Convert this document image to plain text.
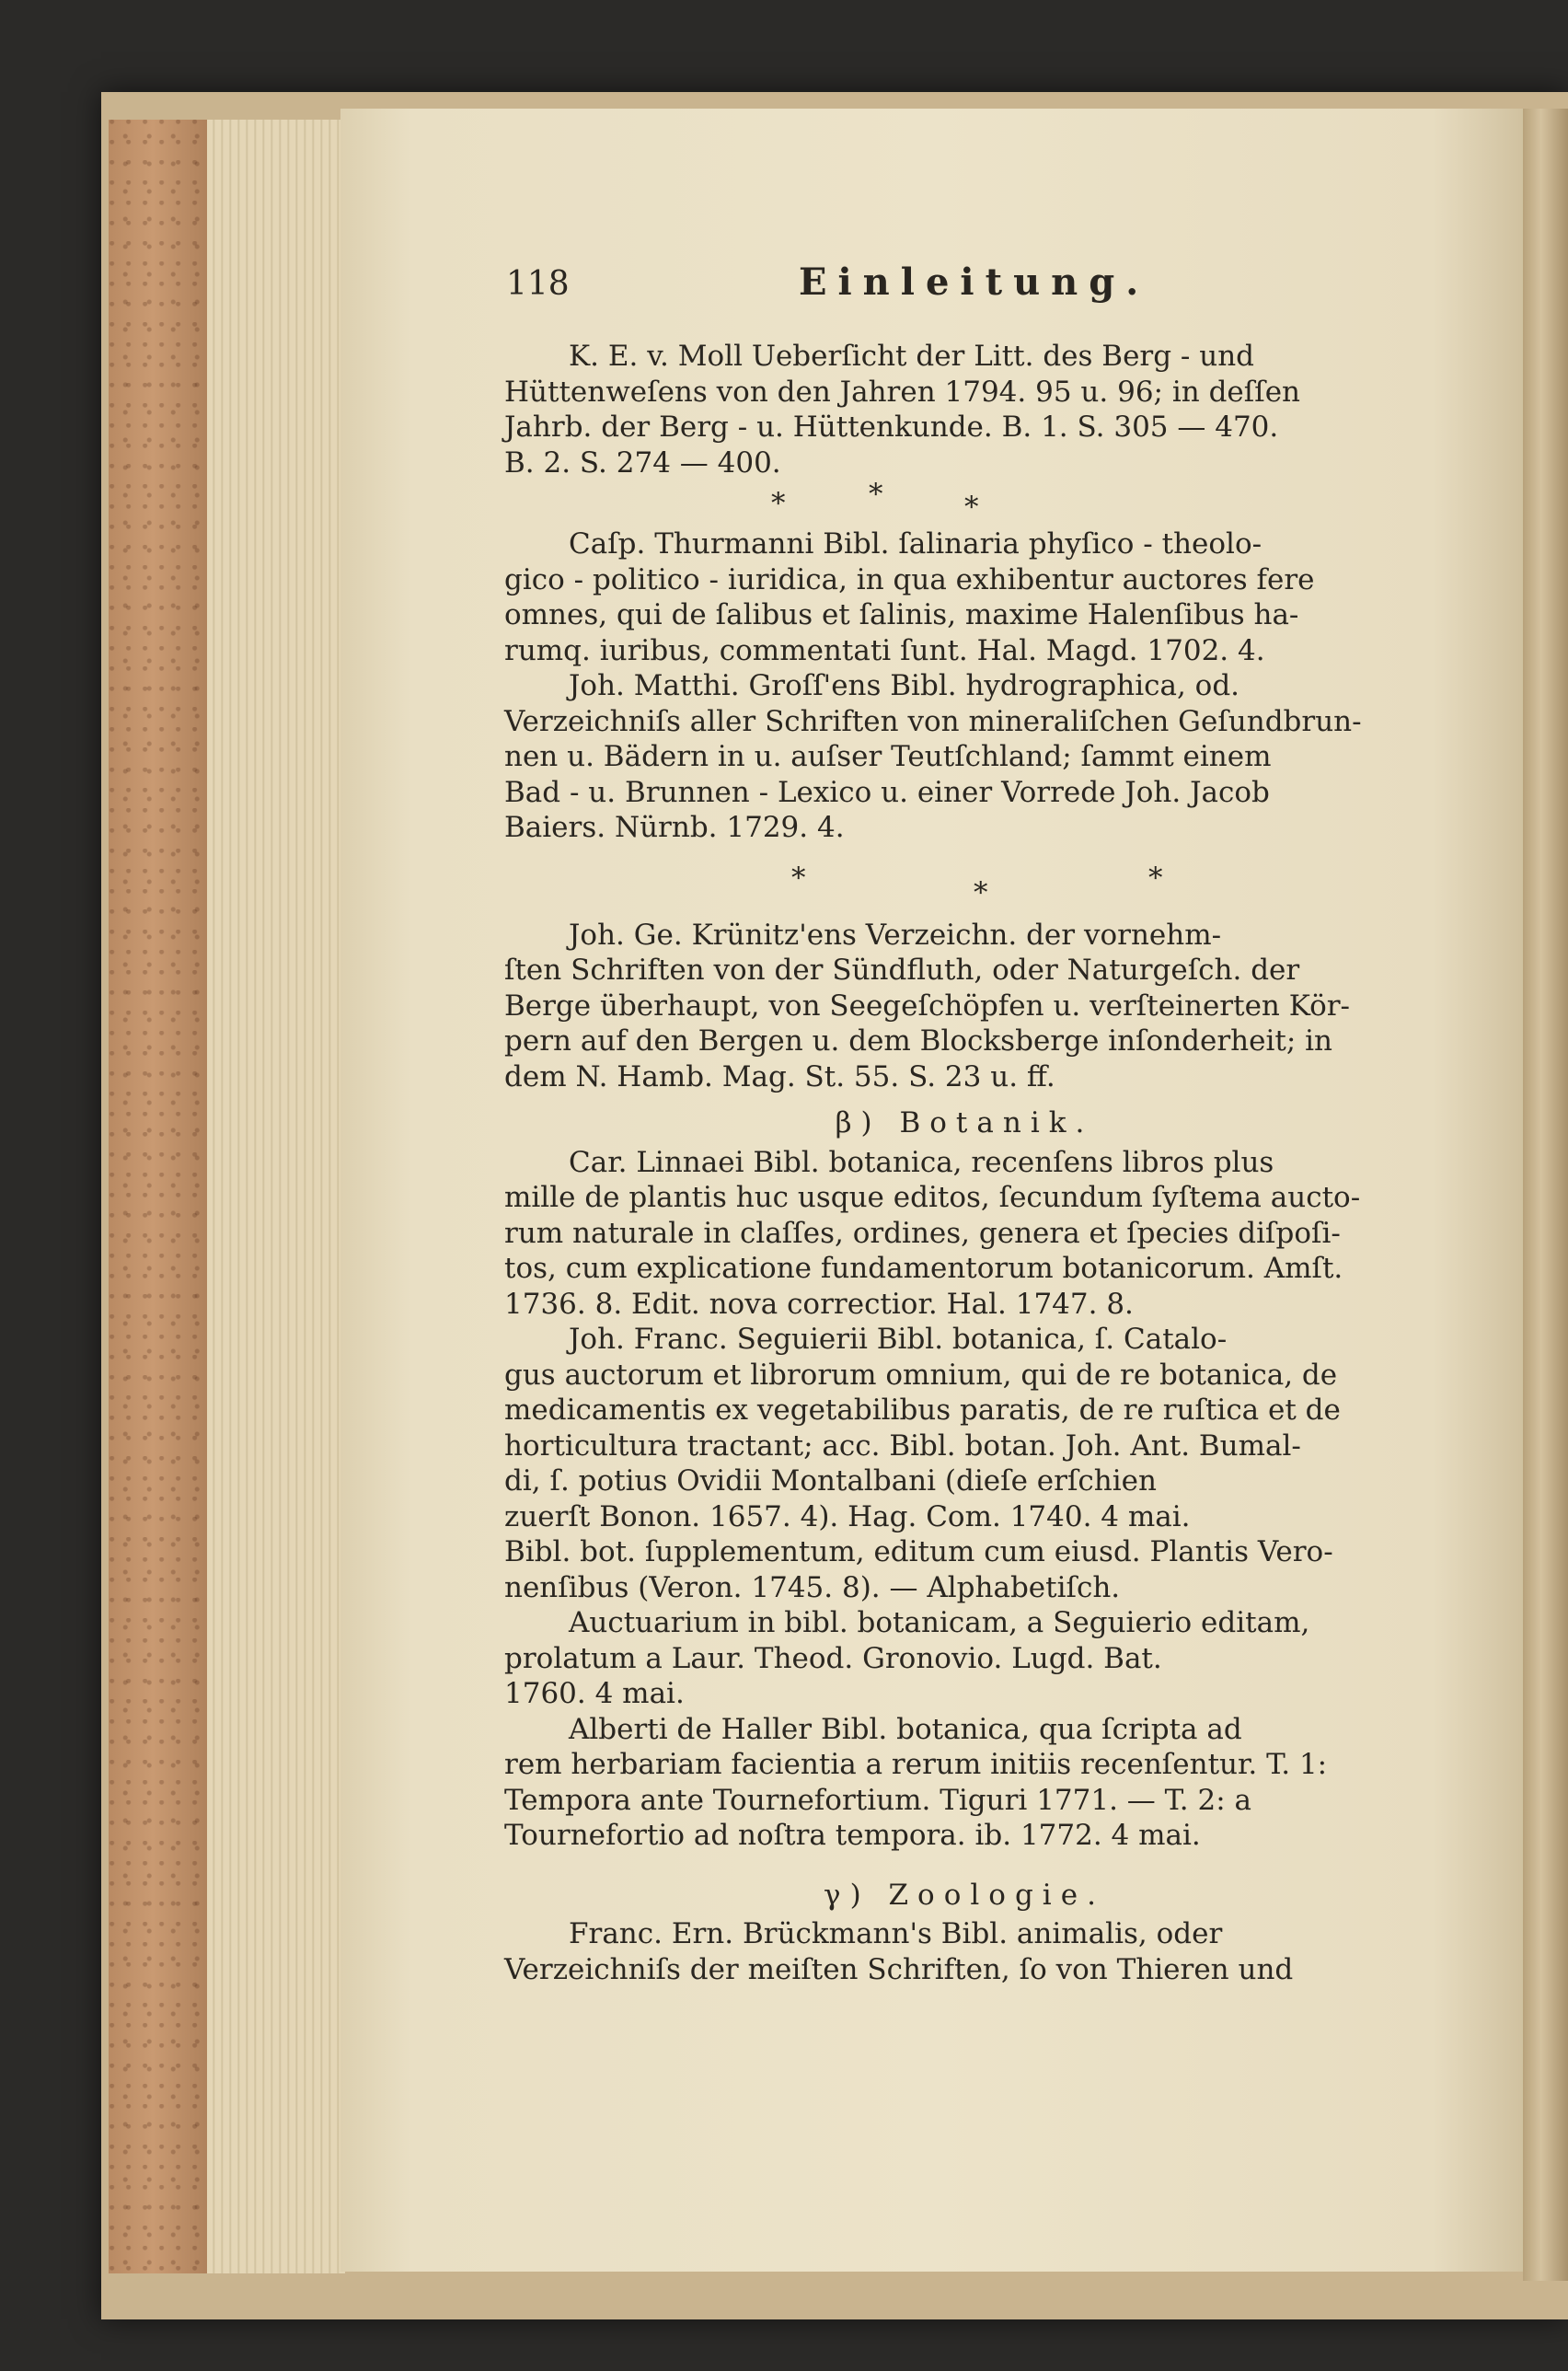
118	Einleitung.
K. E. v. Moll Ueberſicht der Litt. des Berg - und
Hüttenweſens von den Jahren 1794. 95 u. 96; in deſſen
Jahrb. der Berg - u. Hüttenkunde. B. 1. S. 305 — 470.
B. 2. S. 274 — 400.
*	*	*
Caſp. Thurmanni Bibl. ſalinaria phyſico - theolo-
gico - politico - iuridica, in qua exhibentur auctores fere
omnes, qui de ſalibus et ſalinis, maxime Halenſibus ha-
rumq. iuribus, commentati ſunt. Hal. Magd. 1702. 4.
Joh. Matthi. Groſſ'ens Bibl. hydrographica, od.
Verzeichniſs aller Schriften von mineraliſchen Geſundbrun-
nen u. Bädern in u. auſser Teutſchland; ſammt einem
Bad - u. Brunnen - Lexico u. einer Vorrede Joh. Jacob
Baiers. Nürnb. 1729. 4.
*	*	*
Joh. Ge. Krünitz'ens Verzeichn. der vornehm-
ſten Schriften von der Sündfluth, oder Naturgeſch. der
Berge überhaupt, von Seegeſchöpfen u. verſteinerten Kör-
pern auf den Bergen u. dem Blocksberge inſonderheit; in
dem N. Hamb. Mag. St. 55. S. 23 u. ff.
β) Botanik.
Car. Linnaei Bibl. botanica, recenſens libros plus
mille de plantis huc usque editos, ſecundum ſyſtema aucto-
rum naturale in claſſes, ordines, genera et ſpecies diſpoſi-
tos, cum explicatione fundamentorum botanicorum. Amſt.
1736. 8. Edit. nova correctior. Hal. 1747. 8.
Joh. Franc. Seguierii Bibl. botanica, ſ. Catalo-
gus auctorum et librorum omnium, qui de re botanica, de
medicamentis ex vegetabilibus paratis, de re ruſtica et de
horticultura tractant; acc. Bibl. botan. Joh. Ant. Bumal-
di, ſ. potius Ovidii Montalbani (dieſe erſchien
zuerſt Bonon. 1657. 4). Hag. Com. 1740. 4 mai.
Bibl. bot. ſupplementum, editum cum eiusd. Plantis Vero-
nenſibus (Veron. 1745. 8). — Alphabetiſch.
Auctuarium in bibl. botanicam, a Seguierio editam,
prolatum a Laur. Theod. Gronovio. Lugd. Bat.
1760. 4 mai.
Alberti de Haller Bibl. botanica, qua ſcripta ad
rem herbariam facientia a rerum initiis recenſentur. T. 1:
Tempora ante Tournefortium. Tiguri 1771. — T. 2: a
Tournefortio ad noſtra tempora. ib. 1772. 4 mai.
γ) Zoologie.
Franc. Ern. Brückmann's Bibl. animalis, oder
Verzeichniſs der meiſten Schriften, ſo von Thieren und
